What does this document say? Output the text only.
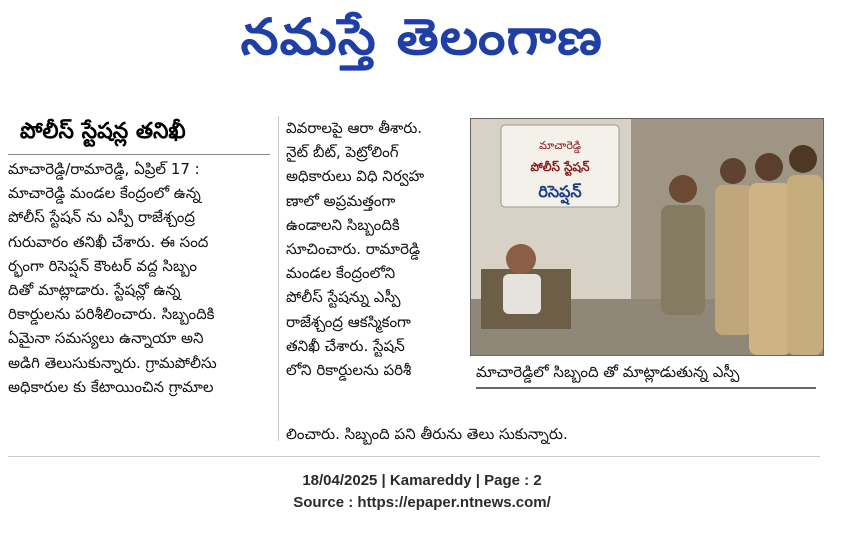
నమస్తే తెలంగాణ
పోలీస్ స్టేషన్ల తనిఖీ
మాచారెడ్డి/రామారెడ్డి, ఏప్రిల్ 17 :
మాచారెడ్డి మండల కేంద్రంలో ఉన్న
పోలీస్ స్టేషన్ ను ఎస్పీ రాజేశ్చంద్ర
గురువారం తనిఖీ చేశారు. ఈ సంద
ర్భంగా రిసెప్షన్ కౌంటర్ వద్ద సిబ్బం
దితో మాట్లాడారు. స్టేషన్లో ఉన్న
రికార్డులను పరిశీలించారు. సిబ్బందికి
ఏమైనా సమస్యలు ఉన్నాయా అని
అడిగి తెలుసుకున్నారు. గ్రామపోలీసు
అధికారుల కు కేటాయించిన గ్రామాల
వివరాలపై ఆరా తీశారు.
నైట్ బీట్, పెట్రోలింగ్
అధికారులు విధి నిర్వహ
ణాలో అప్రమత్తంగా
ఉండాలని సిబ్బందికి
సూచించారు. రామారెడ్డి
మండల కేంద్రంలోని
పోలీస్ స్టేషన్ను ఎస్పీ
రాజేశ్చంద్ర ఆకస్మికంగా
తనిఖీ చేశారు. స్టేషన్
లోని రికార్డులను పరిశీ
లించారు. సిబ్బంది పని తీరును తెలు సుకున్నారు.
మాచారెడ్డి
పోలీస్ స్టేషన్
రిసెప్షన్
మాచారెడ్డిలో సిబ్బంది తో మాట్లాడుతున్న ఎస్పీ
18/04/2025 | Kamareddy | Page : 2
Source : https://epaper.ntnews.com/
